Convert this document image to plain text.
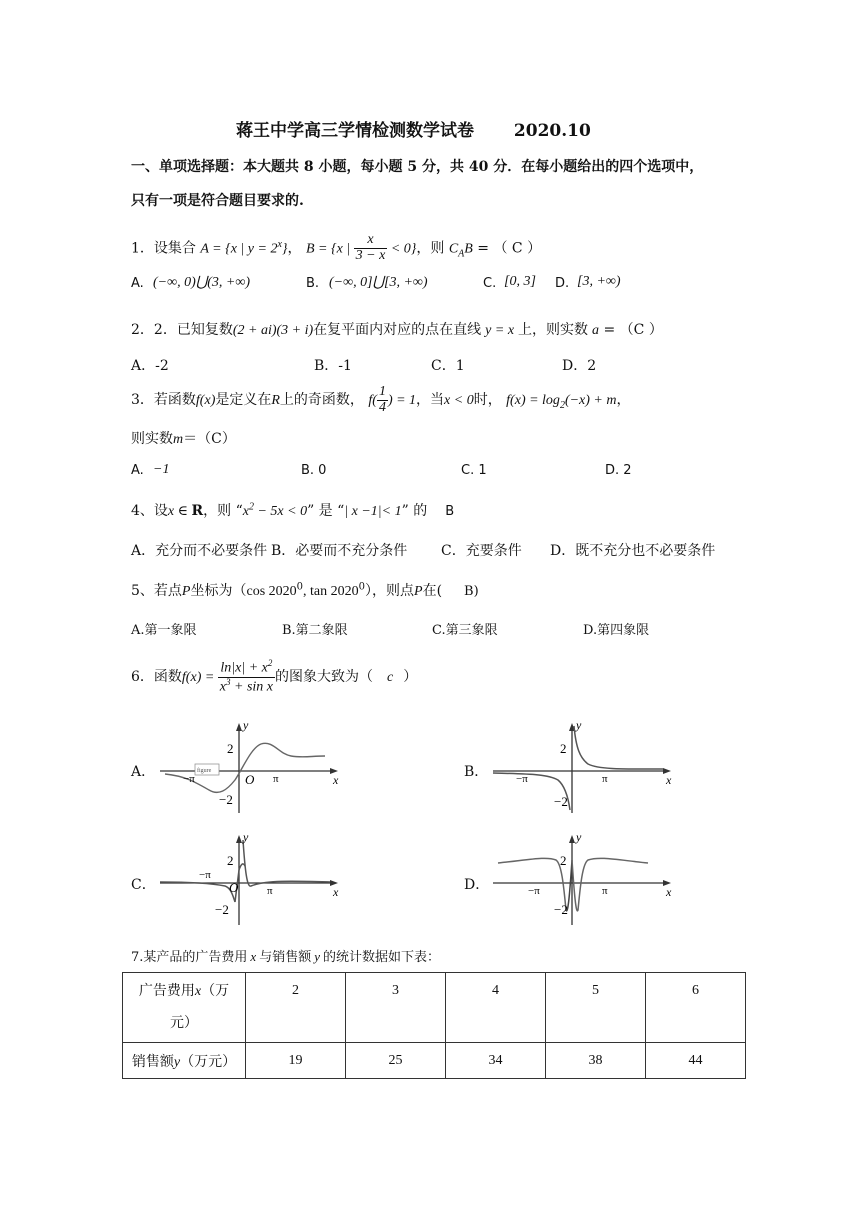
蒋王中学高三学情检测数学试卷 2020.10
一、单项选择题：本大题共 8 小题，每小题 5 分，共 40 分．在每小题给出的四个选项中，
只有一项是符合题目要求的.
1．设集合 A = {x | $y = 2^x$}， B = {x | $\frac{x}{3 - x} < 0$}，则 $C_AB$ = （ C ）
A. (−∞, 0)⋃(3, +∞)	B. (−∞, 0]⋃[3, +∞)	C. [0, 3] D. [3, +∞)
2．2．已知复数(2 + ai)(3 + i)在复平面内对应的点在直线 y = x 上，则实数 a = （C ）
A．-2	B．-1	C．1	D．2
3．若函数f(x)是定义在R上的奇函数， $f( \frac{1}{4}$ ) = 1，当x < 0时， $f(x) = \log_2(-x) + m$，
则实数m＝（C）
A. −1	B. 0	C. 1	D. 2
4、设x ∈ R，则 “$x^2 - 5x < 0$” 是 “| x −1|< 1” 的 B
A．充分而不必要条件 B．必要而不充分条件 C．充要条件 D．既不充分也不必要条件
5、若点P坐标为（cos 2020$^0$, tan 2020$^0$），则点P在( B)
A.第一象限	B.第二象限	C.第三象限	D.第四象限
6．函数$f(x) = \frac{\ln|x| + x^2}{x^3 + \sin x}$ 的图象大致为（ c ）
A．	figure
y
x
O
2
−2
−π	π	B．
y
x
2
−2
−π	π
C．
y
x
O
2
−2
−π
π	D．
y
x
2
−2
−π	π
7.某产品的广告费用 x 与销售额 y 的统计数据如下表：
广告费用x（万
元）	2	3	4	5	6
销售额y（万元）	19	25	34	38	44
